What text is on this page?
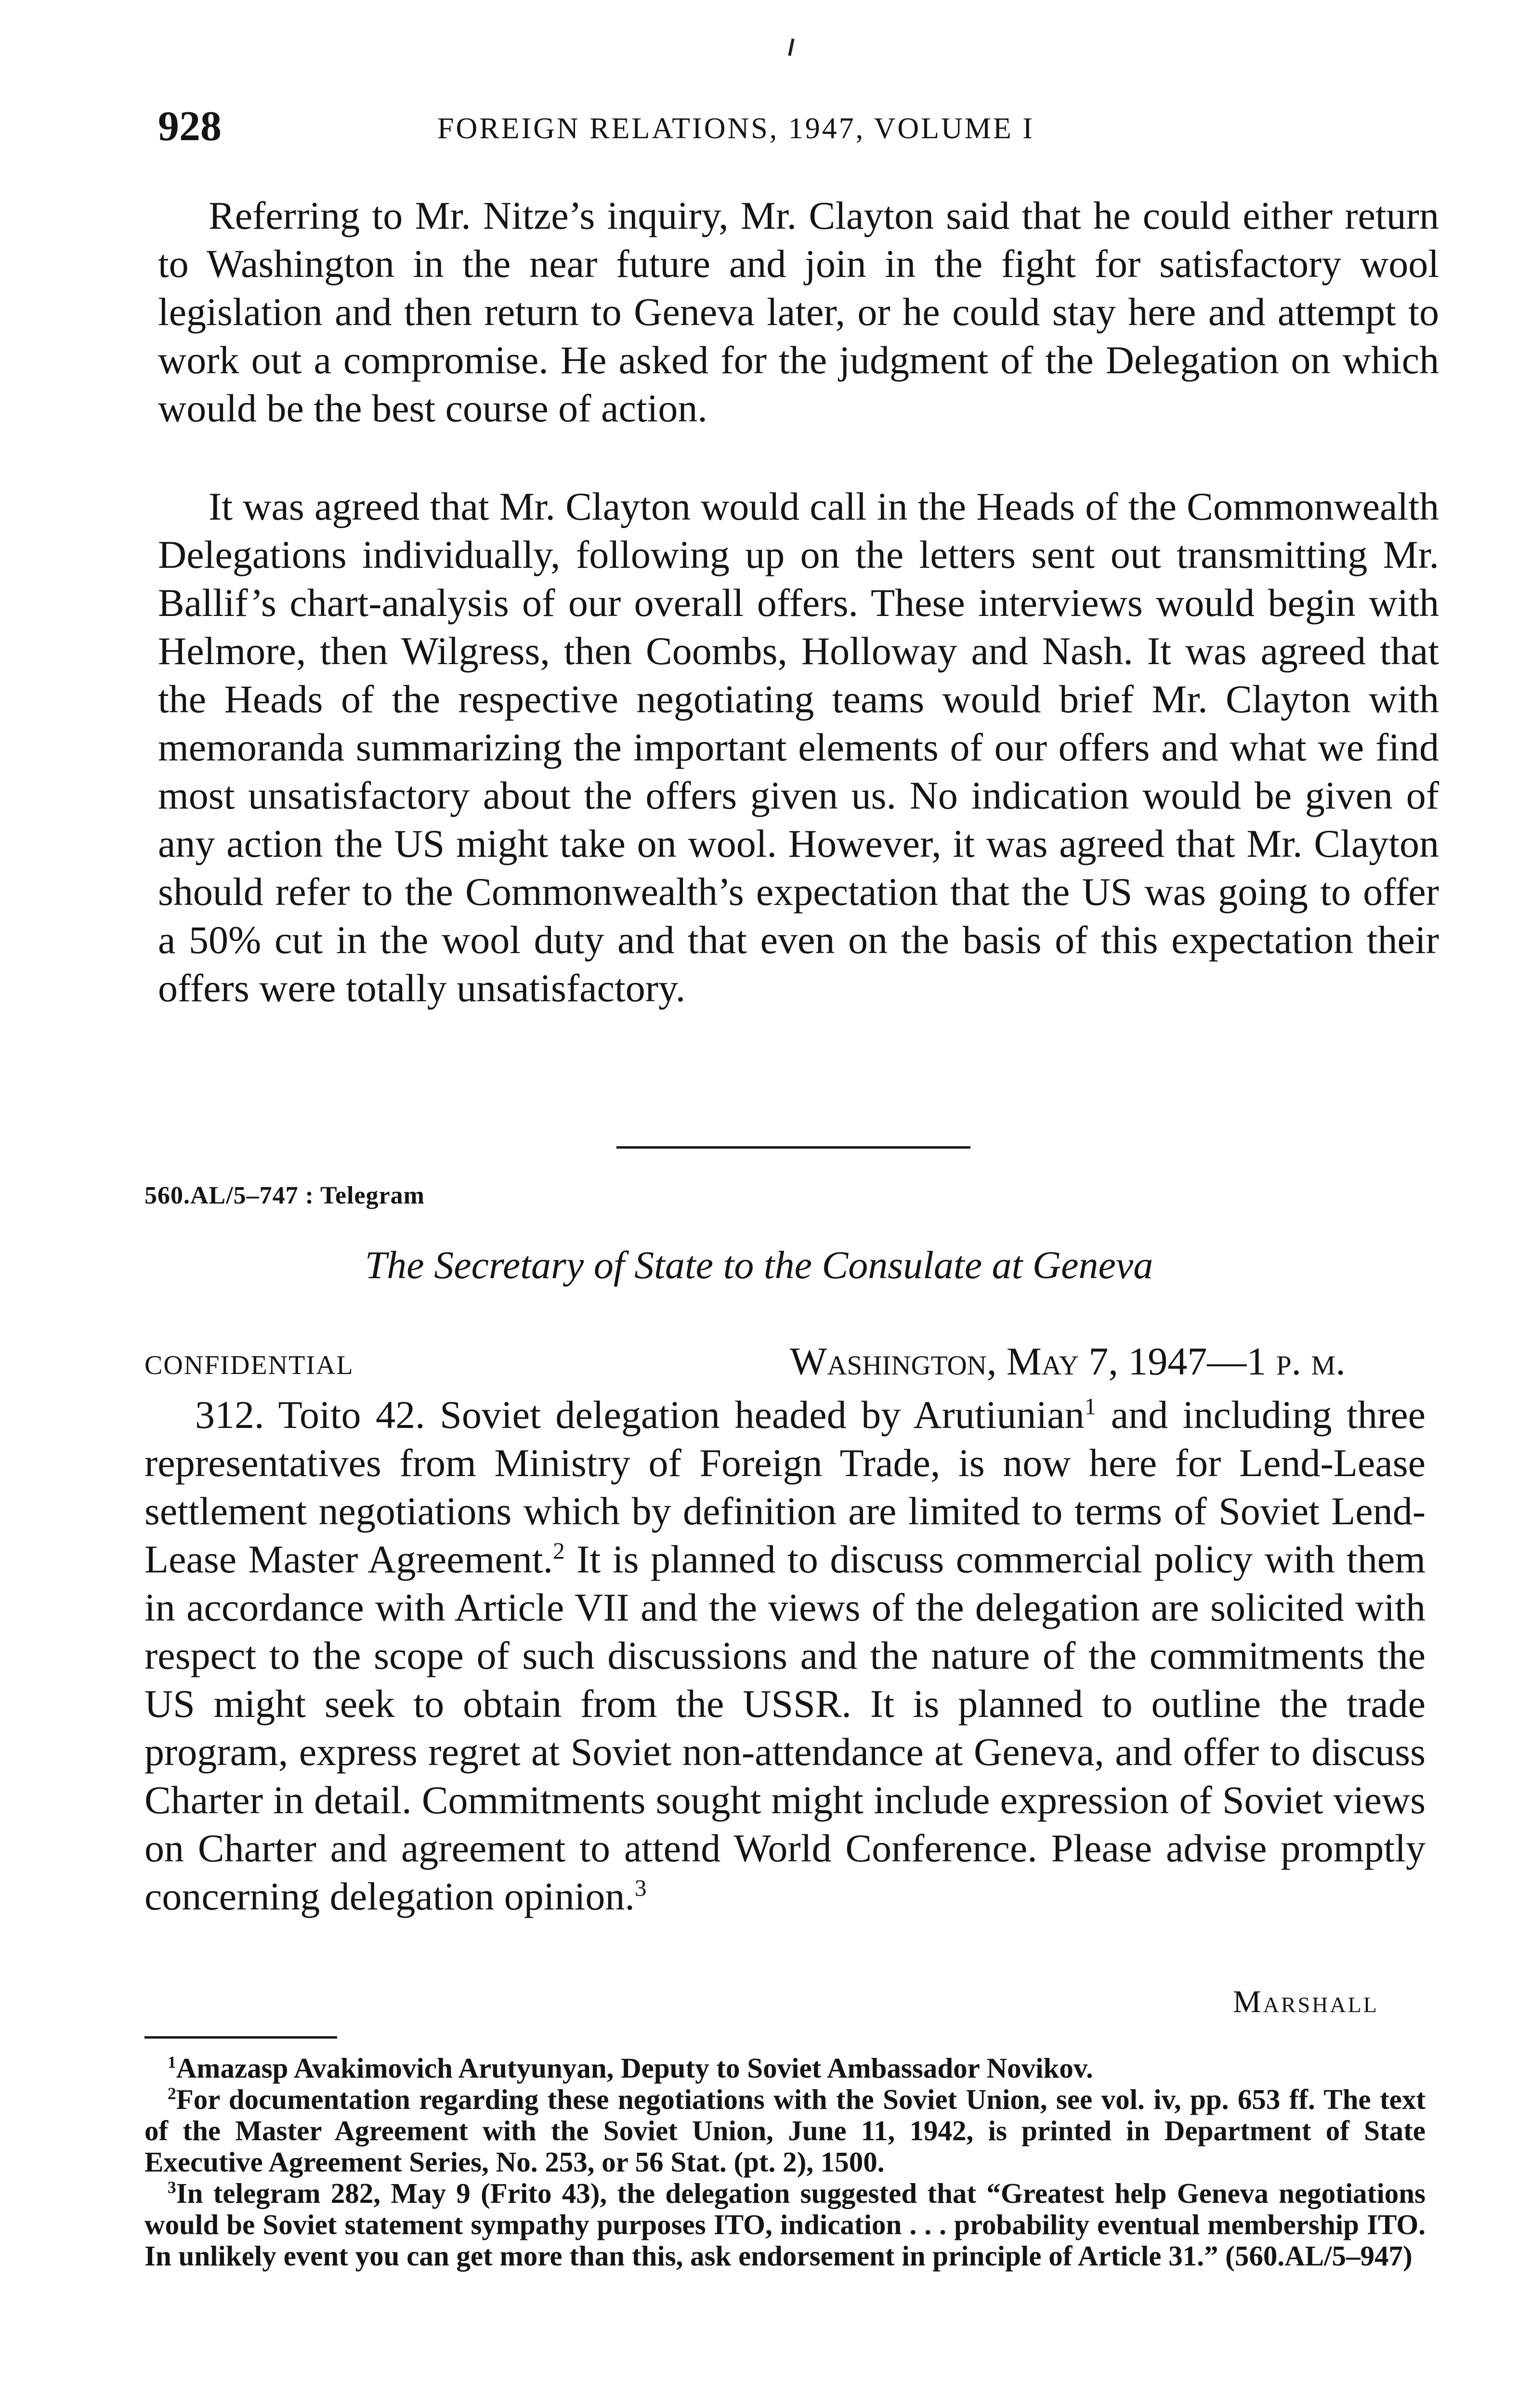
928	FOREIGN RELATIONS, 1947, VOLUME I

Referring to Mr. Nitze’s inquiry, Mr. Clayton said that he could either return to Washington in the near future and join in the fight for satisfactory wool legislation and then return to Geneva later, or he could stay here and attempt to work out a compromise. He asked for the judgment of the Delegation on which would be the best course of action.

It was agreed that Mr. Clayton would call in the Heads of the Commonwealth Delegations individually, following up on the letters sent out transmitting Mr. Ballif’s chart-analysis of our overall offers. These interviews would begin with Helmore, then Wilgress, then Coombs, Holloway and Nash. It was agreed that the Heads of the respective negotiating teams would brief Mr. Clayton with memoranda summarizing the important elements of our offers and what we find most unsatisfactory about the offers given us. No indication would be given of any action the US might take on wool. However, it was agreed that Mr. Clayton should refer to the Commonwealth’s expectation that the US was going to offer a 50% cut in the wool duty and that even on the basis of this expectation their offers were totally unsatisfactory.

560.AL/5–747 : Telegram
The Secretary of State to the Consulate at Geneva
CONFIDENTIAL	Washington, May 7, 1947—1 p. m.

312. Toito 42. Soviet delegation headed by Arutiunian$^1$ and including three representatives from Ministry of Foreign Trade, is now here for Lend-Lease settlement negotiations which by definition are limited to terms of Soviet Lend-Lease Master Agreement.$^2$ It is planned to discuss commercial policy with them in accordance with Article VII and the views of the delegation are solicited with respect to the scope of such discussions and the nature of the commitments the US might seek to obtain from the USSR. It is planned to outline the trade program, express regret at Soviet non-attendance at Geneva, and offer to discuss Charter in detail. Commitments sought might include expression of Soviet views on Charter and agreement to attend World Conference. Please advise promptly concerning delegation opinion.$^3$

Marshall

$^1$Amazasp Avakimovich Arutyunyan, Deputy to Soviet Ambassador Novikov.

$^2$For documentation regarding these negotiations with the Soviet Union, see vol. iv, pp. 653 ff. The text of the Master Agreement with the Soviet Union, June 11, 1942, is printed in Department of State Executive Agreement Series, No. 253, or 56 Stat. (pt. 2), 1500.

$^3$In telegram 282, May 9 (Frito 43), the delegation suggested that “Greatest help Geneva negotiations would be Soviet statement sympathy purposes ITO, indication . . . probability eventual membership ITO. In unlikely event you can get more than this, ask endorsement in principle of Article 31.” (560.AL/5–947)
